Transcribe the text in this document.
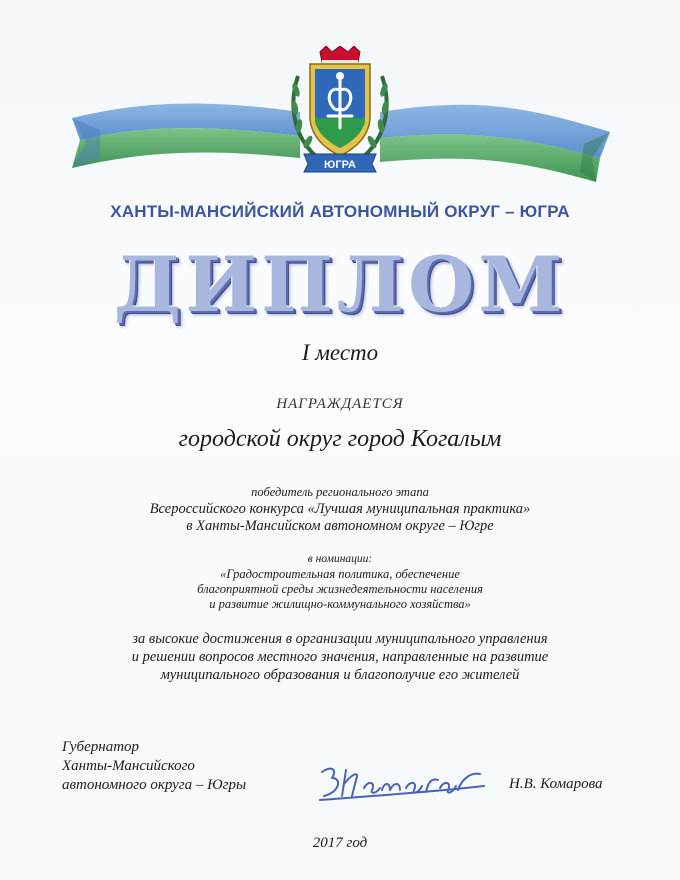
ЮГРА
ХАНТЫ-МАНСИЙСКИЙ АВТОНОМНЫЙ ОКРУГ – ЮГРА
ДИПЛОМ
I место
НАГРАЖДАЕТСЯ
городской округ город Когалым
победитель регионального этапа
Всероссийского конкурса «Лучшая муниципальная практика»
в Ханты-Мансийском автономном округе – Югре
в номинации:
«Градостроительная политика, обеспечение
благоприятной среды жизнедеятельности населения
и развитие жилищно-коммунального хозяйства»
за высокие достижения в организации муниципального управления
и решении вопросов местного значения, направленные на развитие
муниципального образования и благополучие его жителей
Губернатор
Ханты-Мансийского
автономного округа – Югры	Н.В. Комарова
2017 год
